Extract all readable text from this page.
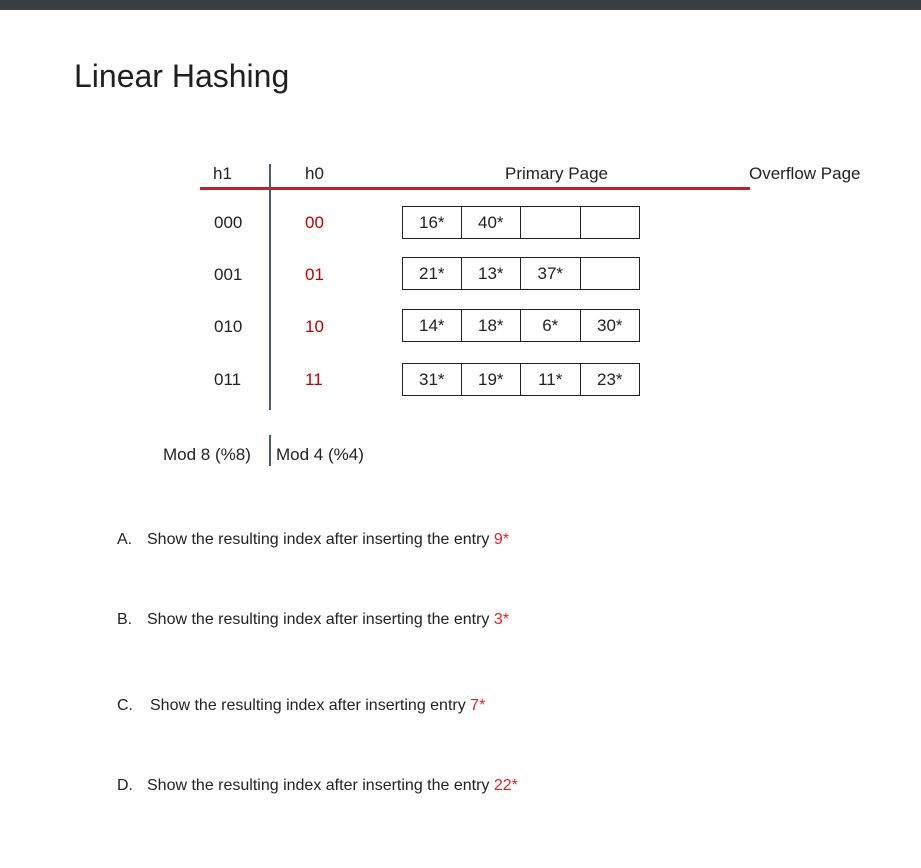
Linear Hashing
h1	h0	Primary Page	Overflow Page
000	00	16*	40*
001	01	21*	13*	37*
010	10	14*	18*	6*	30*
011	11	31*	19*	11*	23*
Mod 8 (%8) Mod 4 (%4)
A. Show the resulting index after inserting the entry 9*
B. Show the resulting index after inserting the entry 3*
C. Show the resulting index after inserting entry 7*
D. Show the resulting index after inserting the entry 22*
